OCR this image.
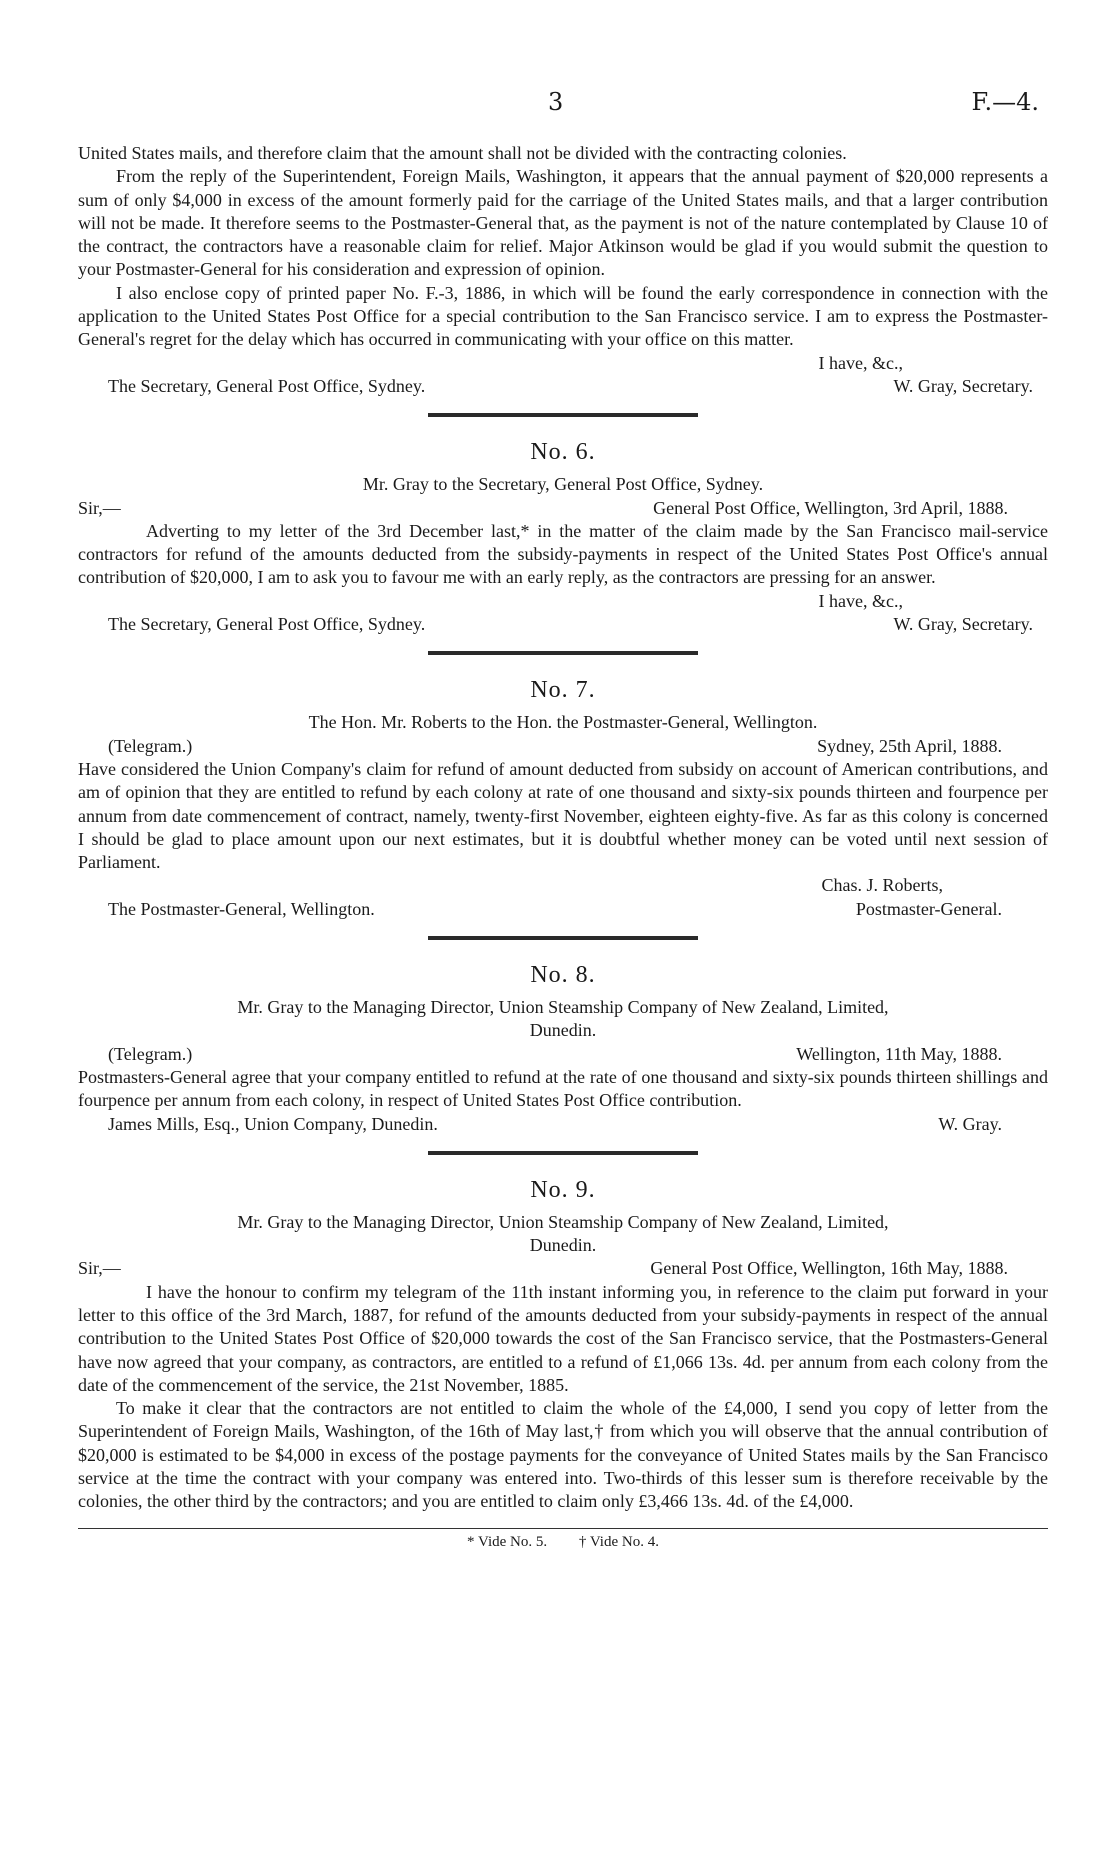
3	F.—4.

United States mails, and therefore claim that the amount shall not be divided with the contracting colonies.

From the reply of the Superintendent, Foreign Mails, Washington, it appears that the annual payment of $20,000 represents a sum of only $4,000 in excess of the amount formerly paid for the carriage of the United States mails, and that a larger contribution will not be made. It therefore seems to the Postmaster-General that, as the payment is not of the nature contemplated by Clause 10 of the contract, the contractors have a reasonable claim for relief. Major Atkinson would be glad if you would submit the question to your Postmaster-General for his consideration and expression of opinion.

I also enclose copy of printed paper No. F.-3, 1886, in which will be found the early correspondence in connection with the application to the United States Post Office for a special contribution to the San Francisco service. I am to express the Postmaster-General's regret for the delay which has occurred in communicating with your office on this matter.

I have, &c.,
The Secretary, General Post Office, Sydney.	W. Gray, Secretary.
No. 6.
Mr. Gray to the Secretary, General Post Office, Sydney.
Sir,—	General Post Office, Wellington, 3rd April, 1888.

Adverting to my letter of the 3rd December last,* in the matter of the claim made by the San Francisco mail-service contractors for refund of the amounts deducted from the subsidy-payments in respect of the United States Post Office's annual contribution of $20,000, I am to ask you to favour me with an early reply, as the contractors are pressing for an answer.

I have, &c.,
The Secretary, General Post Office, Sydney.	W. Gray, Secretary.
No. 7.
The Hon. Mr. Roberts to the Hon. the Postmaster-General, Wellington.
(Telegram.)	Sydney, 25th April, 1888.

Have considered the Union Company's claim for refund of amount deducted from subsidy on account of American contributions, and am of opinion that they are entitled to refund by each colony at rate of one thousand and sixty-six pounds thirteen and fourpence per annum from date commencement of contract, namely, twenty-first November, eighteen eighty-five. As far as this colony is concerned I should be glad to place amount upon our next estimates, but it is doubtful whether money can be voted until next session of Parliament.

Chas. J. Roberts,
The Postmaster-General, Wellington.	Postmaster-General.
No. 8.
Mr. Gray to the Managing Director, Union Steamship Company of New Zealand, Limited,
Dunedin.
(Telegram.)	Wellington, 11th May, 1888.

Postmasters-General agree that your company entitled to refund at the rate of one thousand and sixty-six pounds thirteen shillings and fourpence per annum from each colony, in respect of United States Post Office contribution.

James Mills, Esq., Union Company, Dunedin.	W. Gray.
No. 9.
Mr. Gray to the Managing Director, Union Steamship Company of New Zealand, Limited,
Dunedin.
Sir,—	General Post Office, Wellington, 16th May, 1888.

I have the honour to confirm my telegram of the 11th instant informing you, in reference to the claim put forward in your letter to this office of the 3rd March, 1887, for refund of the amounts deducted from your subsidy-payments in respect of the annual contribution to the United States Post Office of $20,000 towards the cost of the San Francisco service, that the Postmasters-General have now agreed that your company, as contractors, are entitled to a refund of £1,066 13s. 4d. per annum from each colony from the date of the commencement of the service, the 21st November, 1885.

To make it clear that the contractors are not entitled to claim the whole of the £4,000, I send you copy of letter from the Superintendent of Foreign Mails, Washington, of the 16th of May last,† from which you will observe that the annual contribution of $20,000 is estimated to be $4,000 in excess of the postage payments for the conveyance of United States mails by the San Francisco service at the time the contract with your company was entered into. Two-thirds of this lesser sum is therefore receivable by the colonies, the other third by the contractors; and you are entitled to claim only £3,466 13s. 4d. of the £4,000.

* Vide No. 5. † Vide No. 4.
